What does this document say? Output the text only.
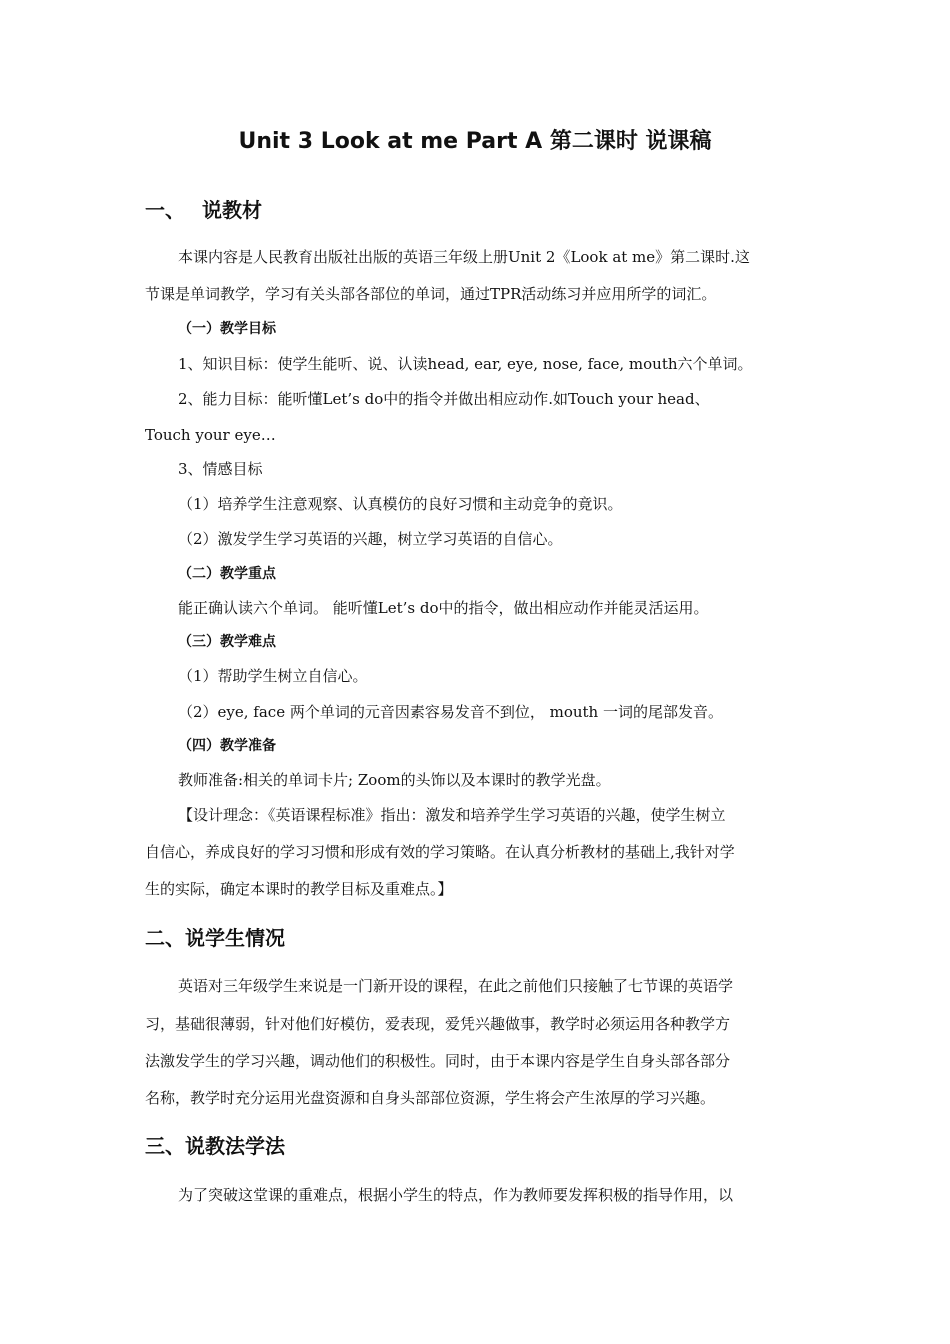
Unit 3 Look at me Part A 第二课时 说课稿
一、 说教材
本课内容是人民教育出版社出版的英语三年级上册Unit 2《Look at me》第二课时.这
节课是单词教学，学习有关头部各部位的单词，通过TPR活动练习并应用所学的词汇。
（一）教学目标
1、知识目标：使学生能听、说、认读head, ear, eye, nose, face, mouth六个单词。
2、能力目标：能听懂Let’s do中的指令并做出相应动作.如Touch your head、
Touch your eye…
3、情感目标
（1）培养学生注意观察、认真模仿的良好习惯和主动竞争的竟识。
（2）激发学生学习英语的兴趣，树立学习英语的自信心。
（二）教学重点
能正确认读六个单词。 能听懂Let’s do中的指令，做出相应动作并能灵活运用。
（三）教学难点
（1）帮助学生树立自信心。
（2）eye, face 两个单词的元音因素容易发音不到位， mouth 一词的尾部发音。
（四）教学准备
教师准备:相关的单词卡片; Zoom的头饰以及本课时的教学光盘。
【设计理念：《英语课程标准》指出：激发和培养学生学习英语的兴趣，使学生树立
自信心，养成良好的学习习惯和形成有效的学习策略。在认真分析教材的基础上,我针对学
生的实际，确定本课时的教学目标及重难点。】
二、说学生情况
英语对三年级学生来说是一门新开设的课程，在此之前他们只接触了七节课的英语学
习，基础很薄弱，针对他们好模仿，爱表现，爱凭兴趣做事，教学时必须运用各种教学方
法激发学生的学习兴趣，调动他们的积极性。同时，由于本课内容是学生自身头部各部分
名称，教学时充分运用光盘资源和自身头部部位资源，学生将会产生浓厚的学习兴趣。
三、说教法学法
为了突破这堂课的重难点，根据小学生的特点，作为教师要发挥积极的指导作用，以
